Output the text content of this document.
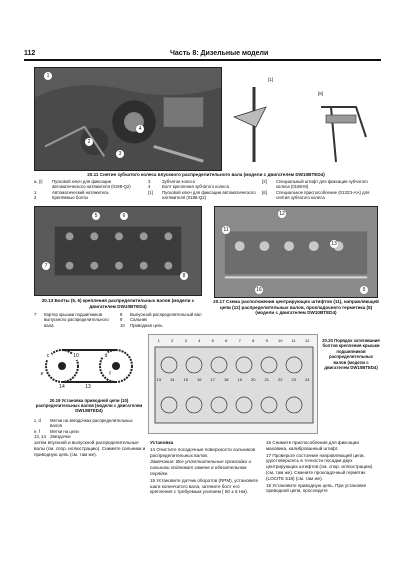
112	Часть 8: Дизельные модели
1
2
3
4
[1]
[6]
20.11 Снятие зубчатого колеса впускного распределительного вала (модели с двигателем DW10BTED4)
а, (i)	Пусковой ключ для фиксации автоматического натяжителя (0188-Q2)
1	Автоматический натяжитель
2	Крепёжные болты
3	Зубчатое колесо
4	Болт крепления зубчатого колеса
[1]	Пусковой ключ для фиксации автоматического натяжителя (0188-Q2)
[2]	Специальный штифт для фиксации зубчатого колеса (0188-М)
[6]	Специальное приспособление (0132Э-АА) для снятия зубчатого колеса
5	6
7
8
20.13 Болты (5, 6) крепления распределительных валов (модели с двигателем DW10BTED4)
7	Картер крышки подшипников выпускного распределительного вала
8	Выпускной распределительный вал
9	Сальник
10	Приводная цепь
11
12
13
16	5
20.17 Схема расположения центрирующих штифтов (11), направляющей цепи (12) распределительных валов, прокладочного герметика (5) (модели с двигателем DW10BTED4)
c	10	d
e	f
14	13
20.19 Установка приводной цепи (10) распределительных валов (модели с двигателем DW10BTED4)
c, d	Метки на звёздочках распределительных валов
e, f	Метки на цепи
13, 14 Звёздочки
1	2	3	4	5	6	7	8	9	10	11	12
13	14	15	16	17	18	19	20	21	22	23	24
20.20 Порядок затягивания болтов крепления крышки подшипников распределительных валов (модели с двигателем DW10BTED4)

затем впускной и выпускной распределительные валы (см. спор. иллюстрацию). Снимите сальники и приводную цепь (см. там же).

Установка

14 Очистите посадочные поверхности сальников распределительных валов.

Замечание: Все уплотнительные прокладки и сальники подлежат замене в обязательном порядке.

15 Установите датчик оборотов (RPM), установите шаги коленчатого вала, затяните болт его крепления с требуемым усилием ( 50 ± 5 Нм).

16 Снимите приспособления для фиксации маховика, калиброванный штифт.

17 Проверьте состояние направляющей цепи, удостоверьтесь в точности посадки двух центрирующих штифтов (см. спор. иллюстрацию) (см. там же). Смените прокладочный герметик (LOCITE 518) (см. там же).

18 Установите приводную цепь. При установке приводной цепи, проследите
